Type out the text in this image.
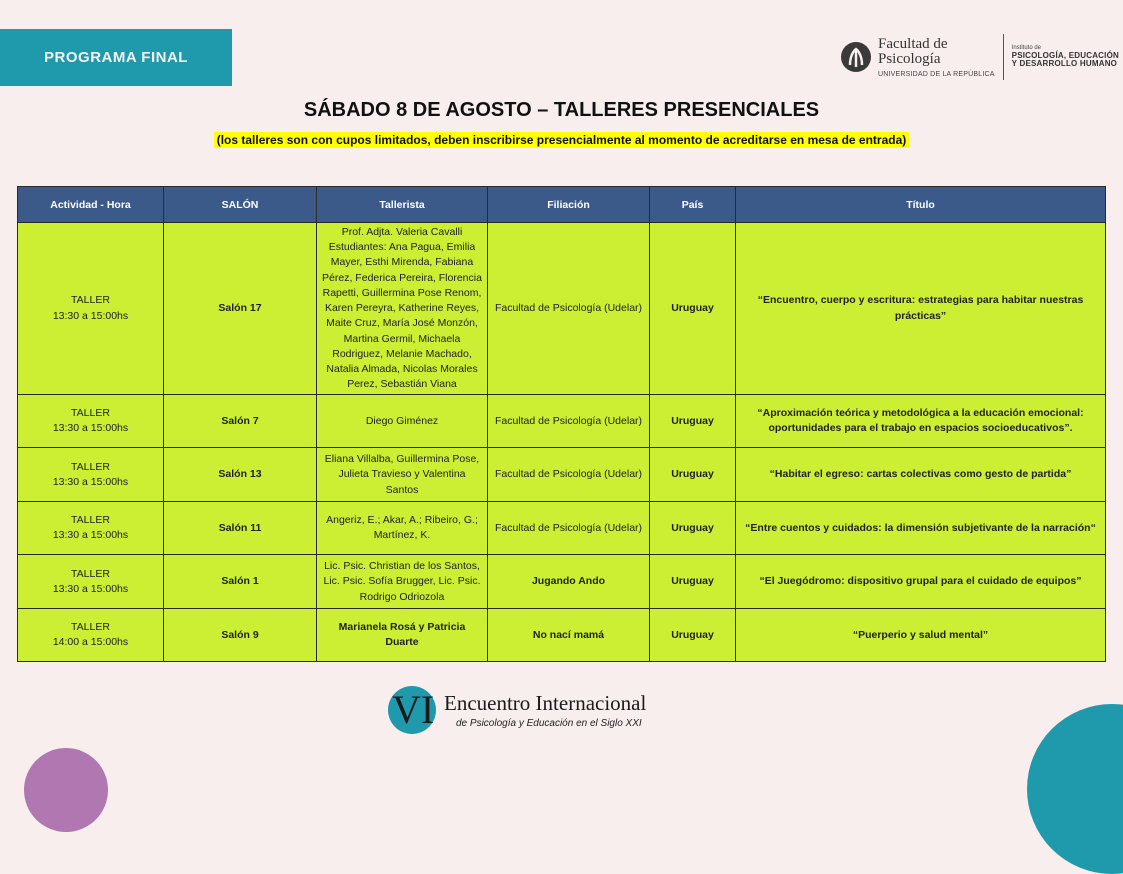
PROGRAMA FINAL
Facultad de
Psicología
UNIVERSIDAD DE LA REPÚBLICA
Instituto de
PSICOLOGÍA, EDUCACIÓN
Y DESARROLLO HUMANO
SÁBADO 8 DE AGOSTO – TALLERES PRESENCIALES
(los talleres son con cupos limitados, deben inscribirse presencialmente al momento de acreditarse en mesa de entrada)
Actividad - Hora	SALÓN	Tallerista	Filiación	País	Título
TALLER
13:30 a 15:00hs	Salón 17	Prof. Adjta. Valeria Cavalli Estudiantes: Ana Pagua, Emilia Mayer, Esthi Mirenda, Fabiana Pérez, Federica Pereira, Florencia Rapetti, Guillermina Pose Renom, Karen Pereyra, Katherine Reyes, Maite Cruz, María José Monzón, Martina Germil, Michaela Rodriguez, Melanie Machado, Natalia Almada, Nicolas Morales Perez, Sebastián Viana	Facultad de Psicología (Udelar)	Uruguay	“Encuentro, cuerpo y escritura: estrategias para habitar nuestras prácticas”
TALLER
13:30 a 15:00hs	Salón 7	Diego Giménez	Facultad de Psicología (Udelar)	Uruguay	“Aproximación teórica y metodológica a la educación emocional: oportunidades para el trabajo en espacios socioeducativos”.
TALLER
13:30 a 15:00hs	Salón 13	Eliana Villalba, Guillermina Pose, Julieta Travieso y Valentina Santos	Facultad de Psicología (Udelar)	Uruguay	“Habitar el egreso: cartas colectivas como gesto de partida”
TALLER
13:30 a 15:00hs	Salón 11	Angeriz, E.; Akar, A.; Ribeiro, G.; Martínez, K.	Facultad de Psicología (Udelar)	Uruguay	“Entre cuentos y cuidados: la dimensión subjetivante de la narración“
TALLER
13:30 a 15:00hs	Salón 1	Lic. Psic. Christian de los Santos, Lic. Psic. Sofía Brugger, Lic. Psic. Rodrigo Odriozola	Jugando Ando	Uruguay	“El Juegódromo: dispositivo grupal para el cuidado de equipos”
TALLER
14:00 a 15:00hs	Salón 9	Marianela Rosá y Patricia Duarte	No nací mamá	Uruguay	“Puerperio y salud mental”
VI Encuentro Internacional
de Psicología y Educación en el Siglo XXI
